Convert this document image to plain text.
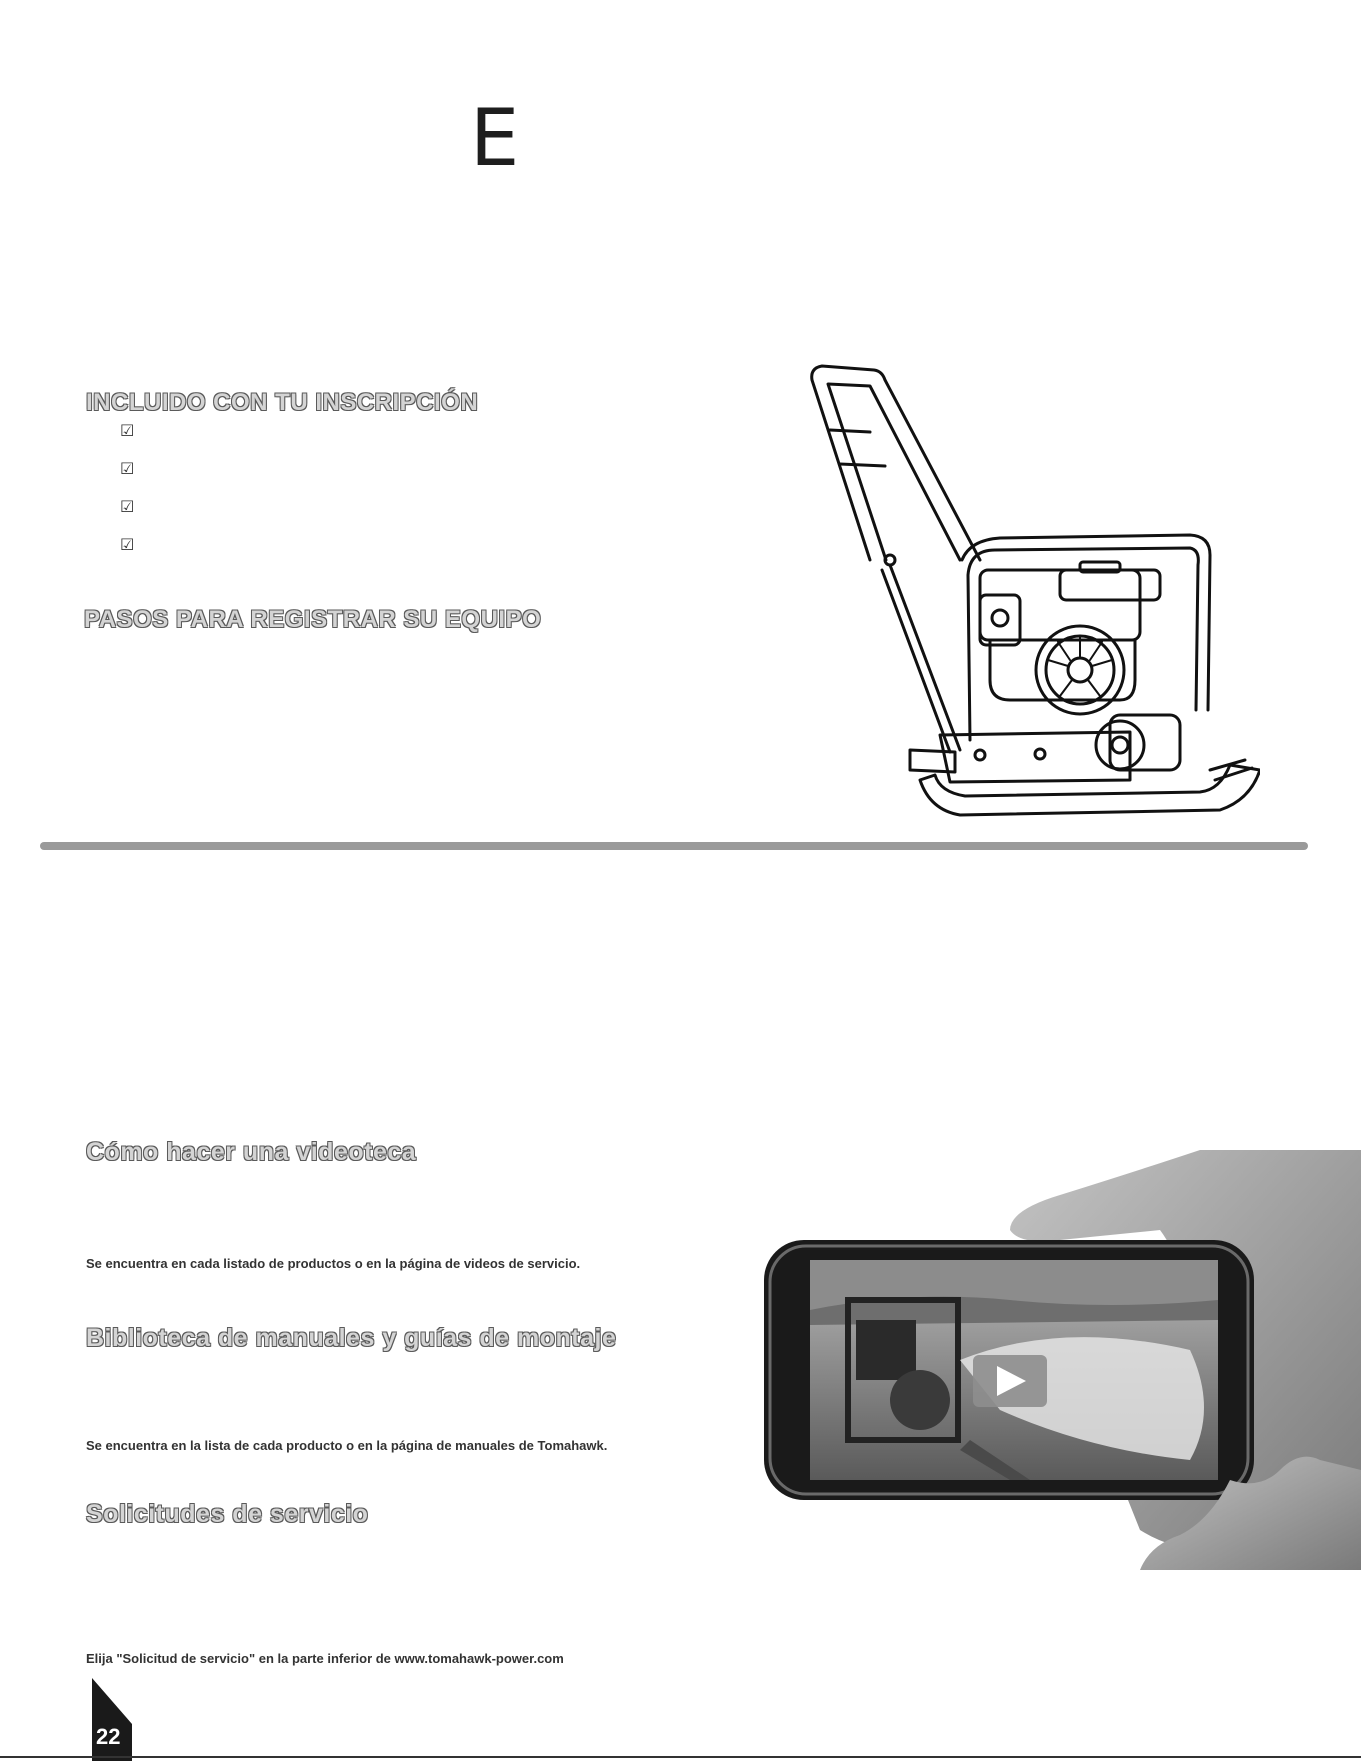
E
INCLUIDO CON TU INSCRIPCIÓN
☑
☑
☑
☑
PASOS PARA REGISTRAR SU EQUIPO
Cómo hacer una videoteca
Se encuentra en cada listado de productos o en la página de videos de servicio.
Biblioteca de manuales y guías de montaje
Se encuentra en la lista de cada producto o en la página de manuales de Tomahawk.
Solicitudes de servicio
Elija "Solicitud de servicio" en la parte inferior de www.tomahawk-power.com
22
